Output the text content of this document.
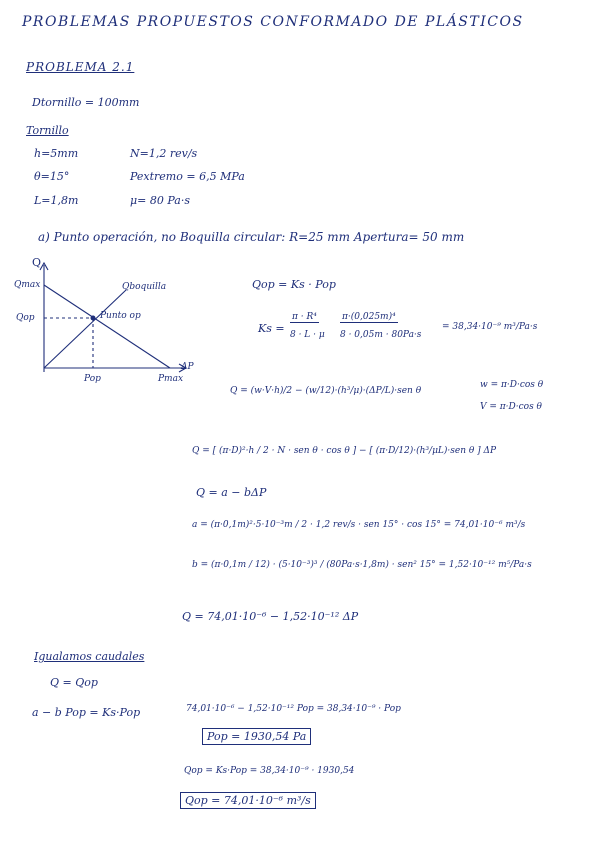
PROBLEMAS PROPUESTOS CONFORMADO DE PLÁSTICOS
PROBLEMA 2.1
Dtornillo = 100mm
Tornillo
h=5mm
θ=15°
L=1,8m
N=1,2 rev/s
Pextremo = 6,5 MPa
μ= 80 Pa·s
a) Punto operación, no Boquilla circular: R=25 mm Apertura= 50 mm
Q
ΔP
Qmax
Qop
Qboquilla
Punto op
Pop	Pmax
Qop = Ks · Pop
Ks =
π · R⁴
8 · L · μ
π·(0,025m)⁴
8 · 0,05m · 80Pa·s
= 38,34·10⁻⁹ m³/Pa·s
Q = (w·V·h)/2 − (w/12)·(h³/μ)·(ΔP/L)·sen θ
w = π·D·cos θ
V = π·D·cos θ
Q = [ (π·D)²·h / 2 · N · sen θ · cos θ ] − [ (π·D/12)·(h³/μL)·sen θ ] ΔP
Q = a − bΔP
a = (π·0,1m)²·5·10⁻³m / 2 · 1,2 rev/s · sen 15° · cos 15° = 74,01·10⁻⁶ m³/s
b = (π·0,1m / 12) · (5·10⁻³)³ / (80Pa·s·1,8m) · sen² 15° = 1,52·10⁻¹² m⁵/Pa·s
Q = 74,01·10⁻⁶ − 1,52·10⁻¹² ΔP
Igualamos caudales
Q = Qop
a − b Pop = Ks·Pop	74,01·10⁻⁶ − 1,52·10⁻¹² Pop = 38,34·10⁻⁹ · Pop
Pop = 1930,54 Pa
Qop = Ks·Pop = 38,34·10⁻⁹ · 1930,54
Qop = 74,01·10⁻⁶ m³/s
